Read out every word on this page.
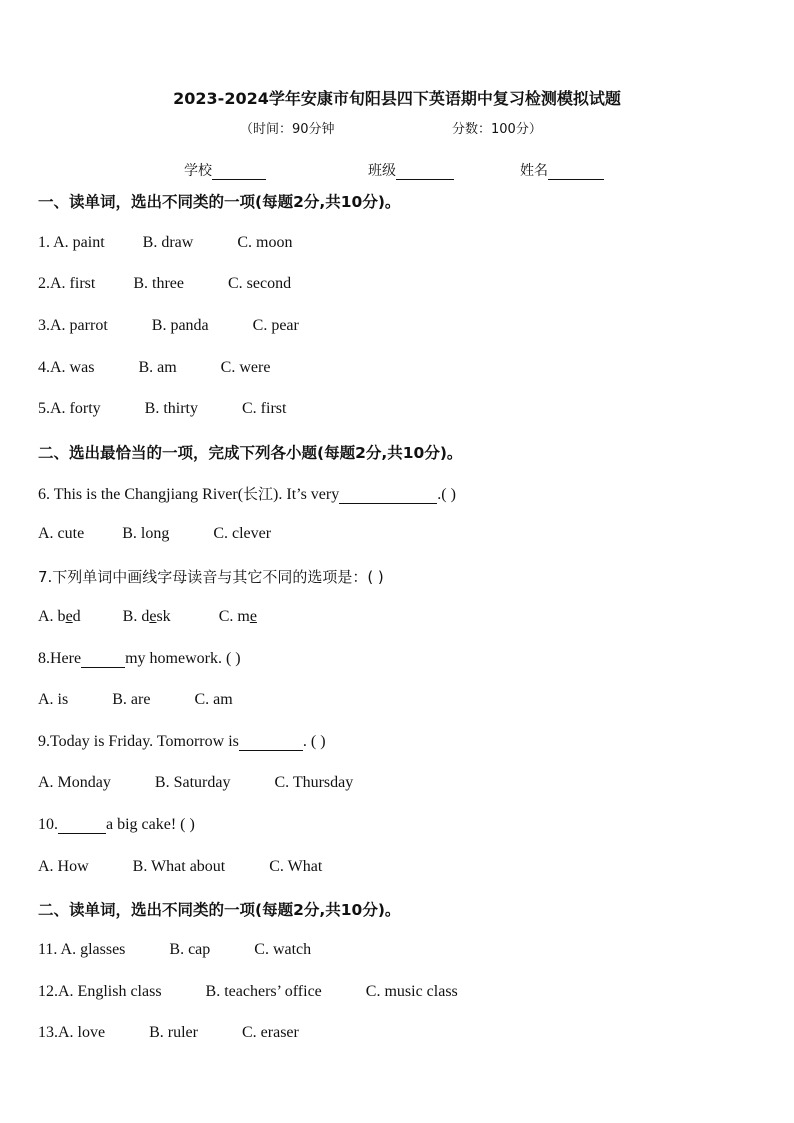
2023-2024学年安康市旬阳县四下英语期中复习检测模拟试题
（时间：90分钟	分数：100分）
学校	班级	姓名
一、读单词，选出不同类的一项(每题2分,共10分)。
1. A. paint B. draw	C. moon
2.A. first B. three	C. second
3.A. parrot	B. panda	C. pear
4.A. was	B. am	C. were
5.A. forty	B. thirty	C. first
二、选出最恰当的一项，完成下列各小题(每题2分,共10分)。
6. This is the Changjiang River(长江). It’s very	.( )
A. cute B. long	C. clever
7.下列单词中画线字母读音与其它不同的选项是：( )
A. bed	B. desk	C. me
8.Here	my homework. ( )
A. is	B. are	C. am
9.Today is Friday. Tomorrow is	. ( )
A. Monday	B. Saturday	C. Thursday
10.	a big cake! ( )
A. How	B. What about	C. What
二、读单词，选出不同类的一项(每题2分,共10分)。
11. A. glasses	B. cap	C. watch
12.A. English class	B. teachers’ office	C. music class
13.A. love	B. ruler	C. eraser
